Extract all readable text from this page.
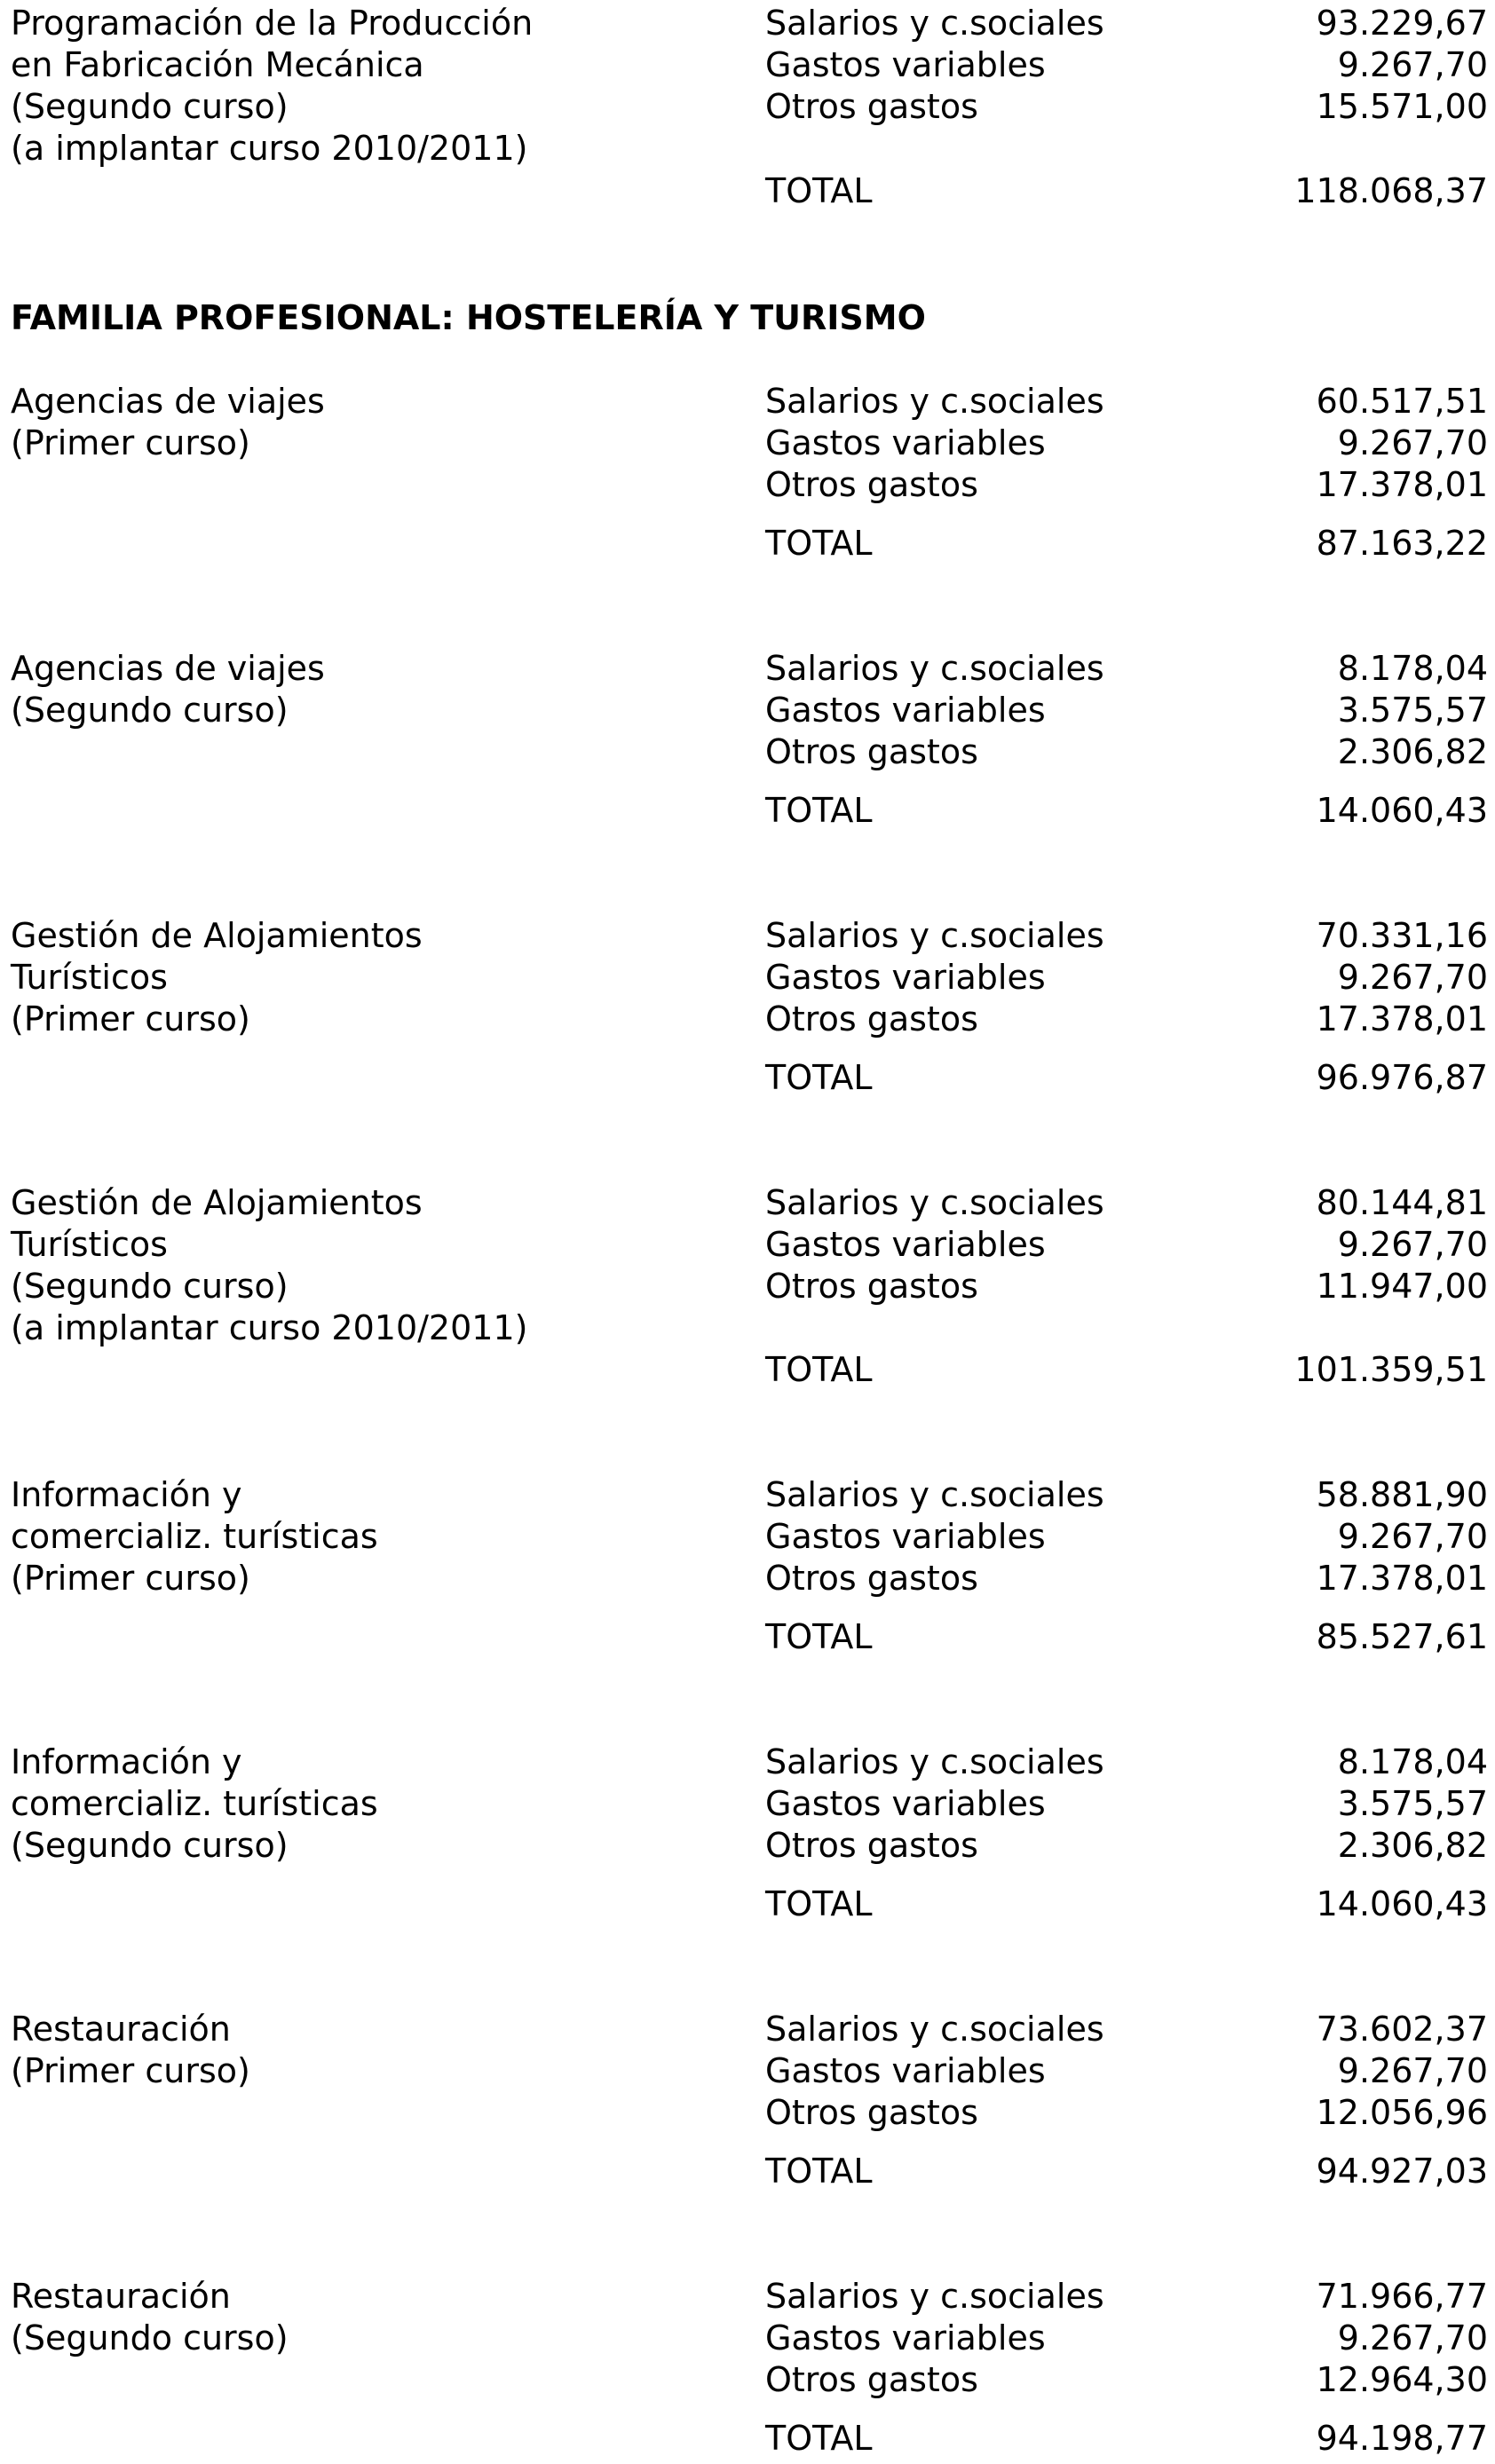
Programación de la Producción
en Fabricación Mecánica
(Segundo curso)
(a implantar curso 2010/2011)
Salarios y c.sociales	93.229,67
Gastos variables	9.267,70
Otros gastos	15.571,00
TOTAL	118.068,37
FAMILIA PROFESIONAL: HOSTELERÍA Y TURISMO
Agencias de viajes
(Primer curso)
Salarios y c.sociales	60.517,51
Gastos variables	9.267,70
Otros gastos	17.378,01
TOTAL	87.163,22
Agencias de viajes
(Segundo curso)
Salarios y c.sociales	8.178,04
Gastos variables	3.575,57
Otros gastos	2.306,82
TOTAL	14.060,43
Gestión de Alojamientos
Turísticos
(Primer curso)
Salarios y c.sociales	70.331,16
Gastos variables	9.267,70
Otros gastos	17.378,01
TOTAL	96.976,87
Gestión de Alojamientos
Turísticos
(Segundo curso)
(a implantar curso 2010/2011)
Salarios y c.sociales	80.144,81
Gastos variables	9.267,70
Otros gastos	11.947,00
TOTAL	101.359,51
Información y
comercializ. turísticas
(Primer curso)
Salarios y c.sociales	58.881,90
Gastos variables	9.267,70
Otros gastos	17.378,01
TOTAL	85.527,61
Información y
comercializ. turísticas
(Segundo curso)
Salarios y c.sociales	8.178,04
Gastos variables	3.575,57
Otros gastos	2.306,82
TOTAL	14.060,43
Restauración
(Primer curso)
Salarios y c.sociales	73.602,37
Gastos variables	9.267,70
Otros gastos	12.056,96
TOTAL	94.927,03
Restauración
(Segundo curso)
Salarios y c.sociales	71.966,77
Gastos variables	9.267,70
Otros gastos	12.964,30
TOTAL	94.198,77
